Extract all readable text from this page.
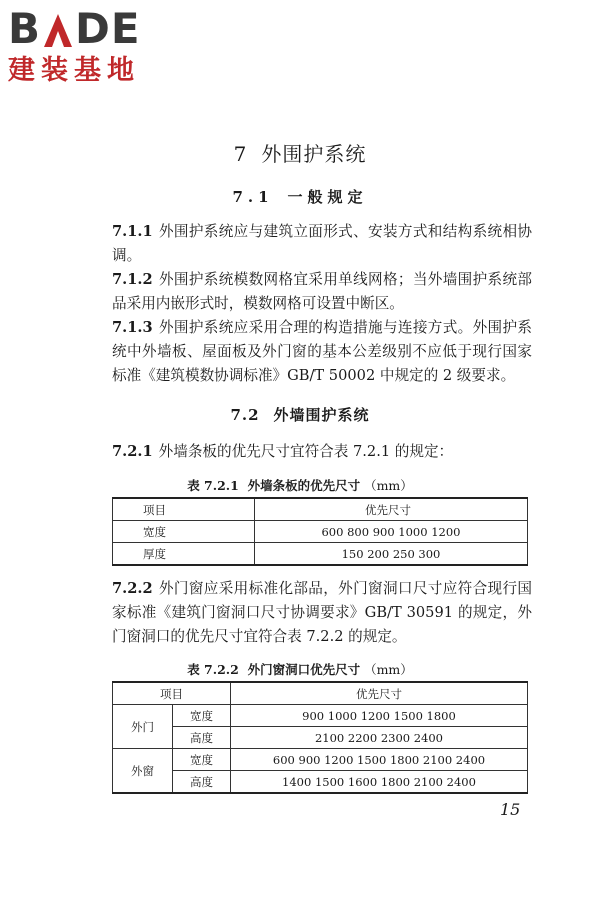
B DE
建装基地
7 外围护系统
7.1 一般规定

7.1.1 外围护系统应与建筑立面形式、安装方式和结构系统相协调。

7.1.2 外围护系统模数网格宜采用单线网格；当外墙围护系统部品采用内嵌形式时，模数网格可设置中断区。

7.1.3 外围护系统应采用合理的构造措施与连接方式。外围护系统中外墙板、屋面板及外门窗的基本公差级别不应低于现行国家标准《建筑模数协调标准》GB/T 50002 中规定的 2 级要求。

7.2 外墙围护系统

7.2.1 外墙条板的优先尺寸宜符合表 7.2.1 的规定：

表 7.2.1 外墙条板的优先尺寸 （mm）
项目	优先尺寸
宽度	600 800 900 1000 1200
厚度	150 200 250 300

7.2.2 外门窗应采用标准化部品，外门窗洞口尺寸应符合现行国家标准《建筑门窗洞口尺寸协调要求》GB/T 30591 的规定，外门窗洞口的优先尺寸宜符合表 7.2.2 的规定。

表 7.2.2 外门窗洞口优先尺寸 （mm）
项目		优先尺寸
外门	宽度	900 1000 1200 1500 1800
	高度	2100 2200 2300 2400
外窗	宽度	600 900 1200 1500 1800 2100 2400
	高度	1400 1500 1600 1800 2100 2400
15
